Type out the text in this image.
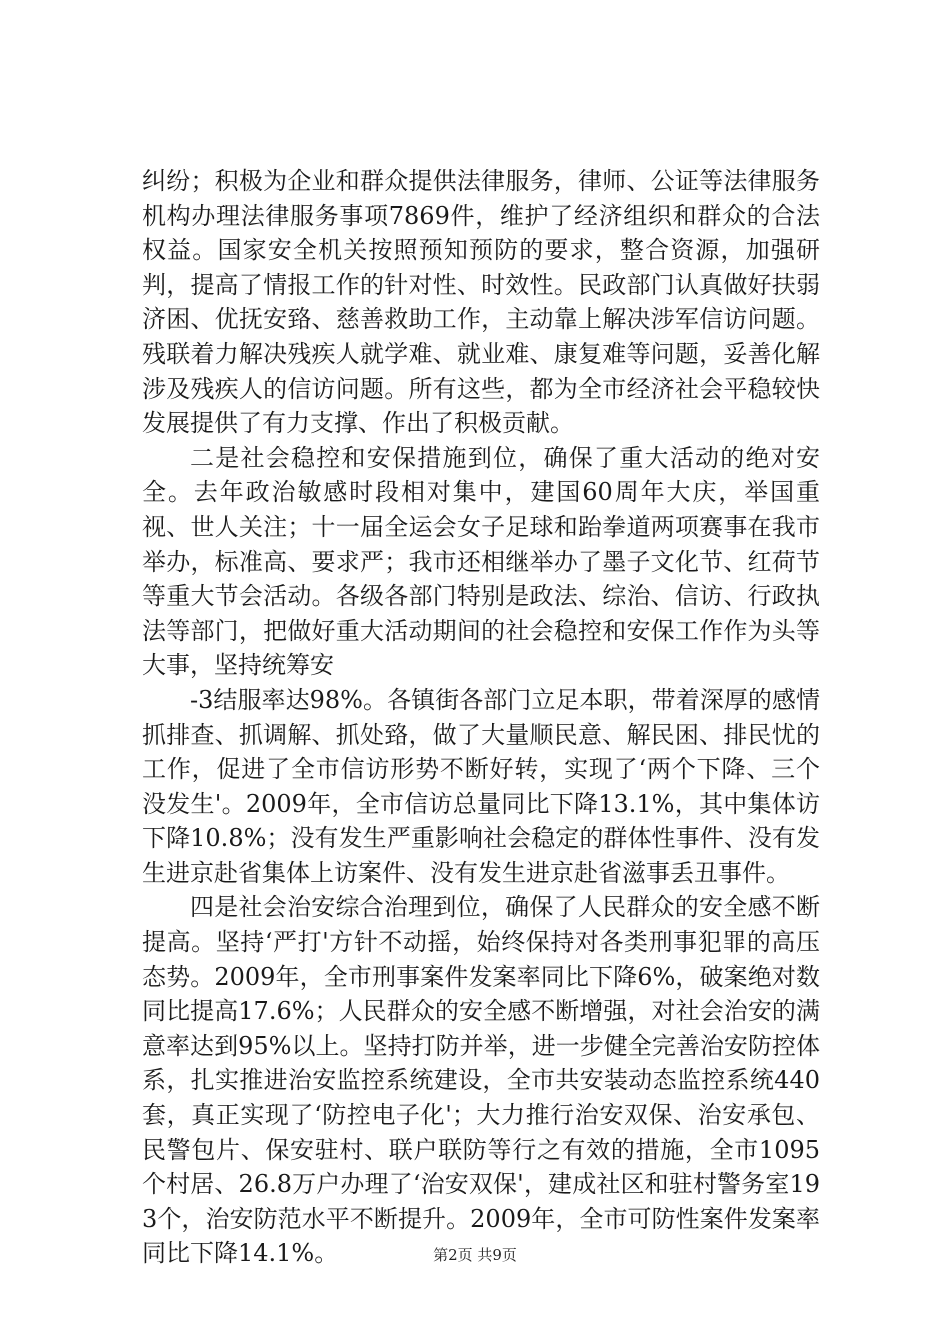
纠纷；积极为企业和群众提供法律服务，律师、公证等法律服务机构办理法律服务事项7869件，维护了经济组织和群众的合法权益。国家安全机关按照预知预防的要求，整合资源，加强研判，提高了情报工作的针对性、时效性。民政部门认真做好扶弱济困、优抚安臵、慈善救助工作，主动靠上解决涉军信访问题。残联着力解决残疾人就学难、就业难、康复难等问题，妥善化解涉及残疾人的信访问题。所有这些，都为全市经济社会平稳较快发展提供了有力支撑、作出了积极贡献。

二是社会稳控和安保措施到位，确保了重大活动的绝对安全。去年政治敏感时段相对集中，建国60周年大庆，举国重视、世人关注；十一届全运会女子足球和跆拳道两项赛事在我市举办，标准高、要求严；我市还相继举办了墨子文化节、红荷节等重大节会活动。各级各部门特别是政法、综治、信访、行政执法等部门，把做好重大活动期间的社会稳控和安保工作作为头等大事，坚持统筹安

-3结服率达98%。各镇街各部门立足本职，带着深厚的感情抓排查、抓调解、抓处臵，做了大量顺民意、解民困、排民忧的工作，促进了全市信访形势不断好转，实现了‘两个下降、三个没发生'。2009年，全市信访总量同比下降13.1%，其中集体访下降10.8%；没有发生严重影响社会稳定的群体性事件、没有发生进京赴省集体上访案件、没有发生进京赴省滋事丢丑事件。

四是社会治安综合治理到位，确保了人民群众的安全感不断提高。坚持‘严打'方针不动摇，始终保持对各类刑事犯罪的高压态势。2009年，全市刑事案件发案率同比下降6%，破案绝对数同比提高17.6%；人民群众的安全感不断增强，对社会治安的满意率达到95%以上。坚持打防并举，进一步健全完善治安防控体系，扎实推进治安监控系统建设，全市共安装动态监控系统440套，真正实现了‘防控电子化'；大力推行治安双保、治安承包、民警包片、保安驻村、联户联防等行之有效的措施，全市1095个村居、26.8万户办理了‘治安双保'，建成社区和驻村警务室193个，治安防范水平不断提升。2009年，全市可防性案件发案率同比下降14.1%。	第2页 共9页
